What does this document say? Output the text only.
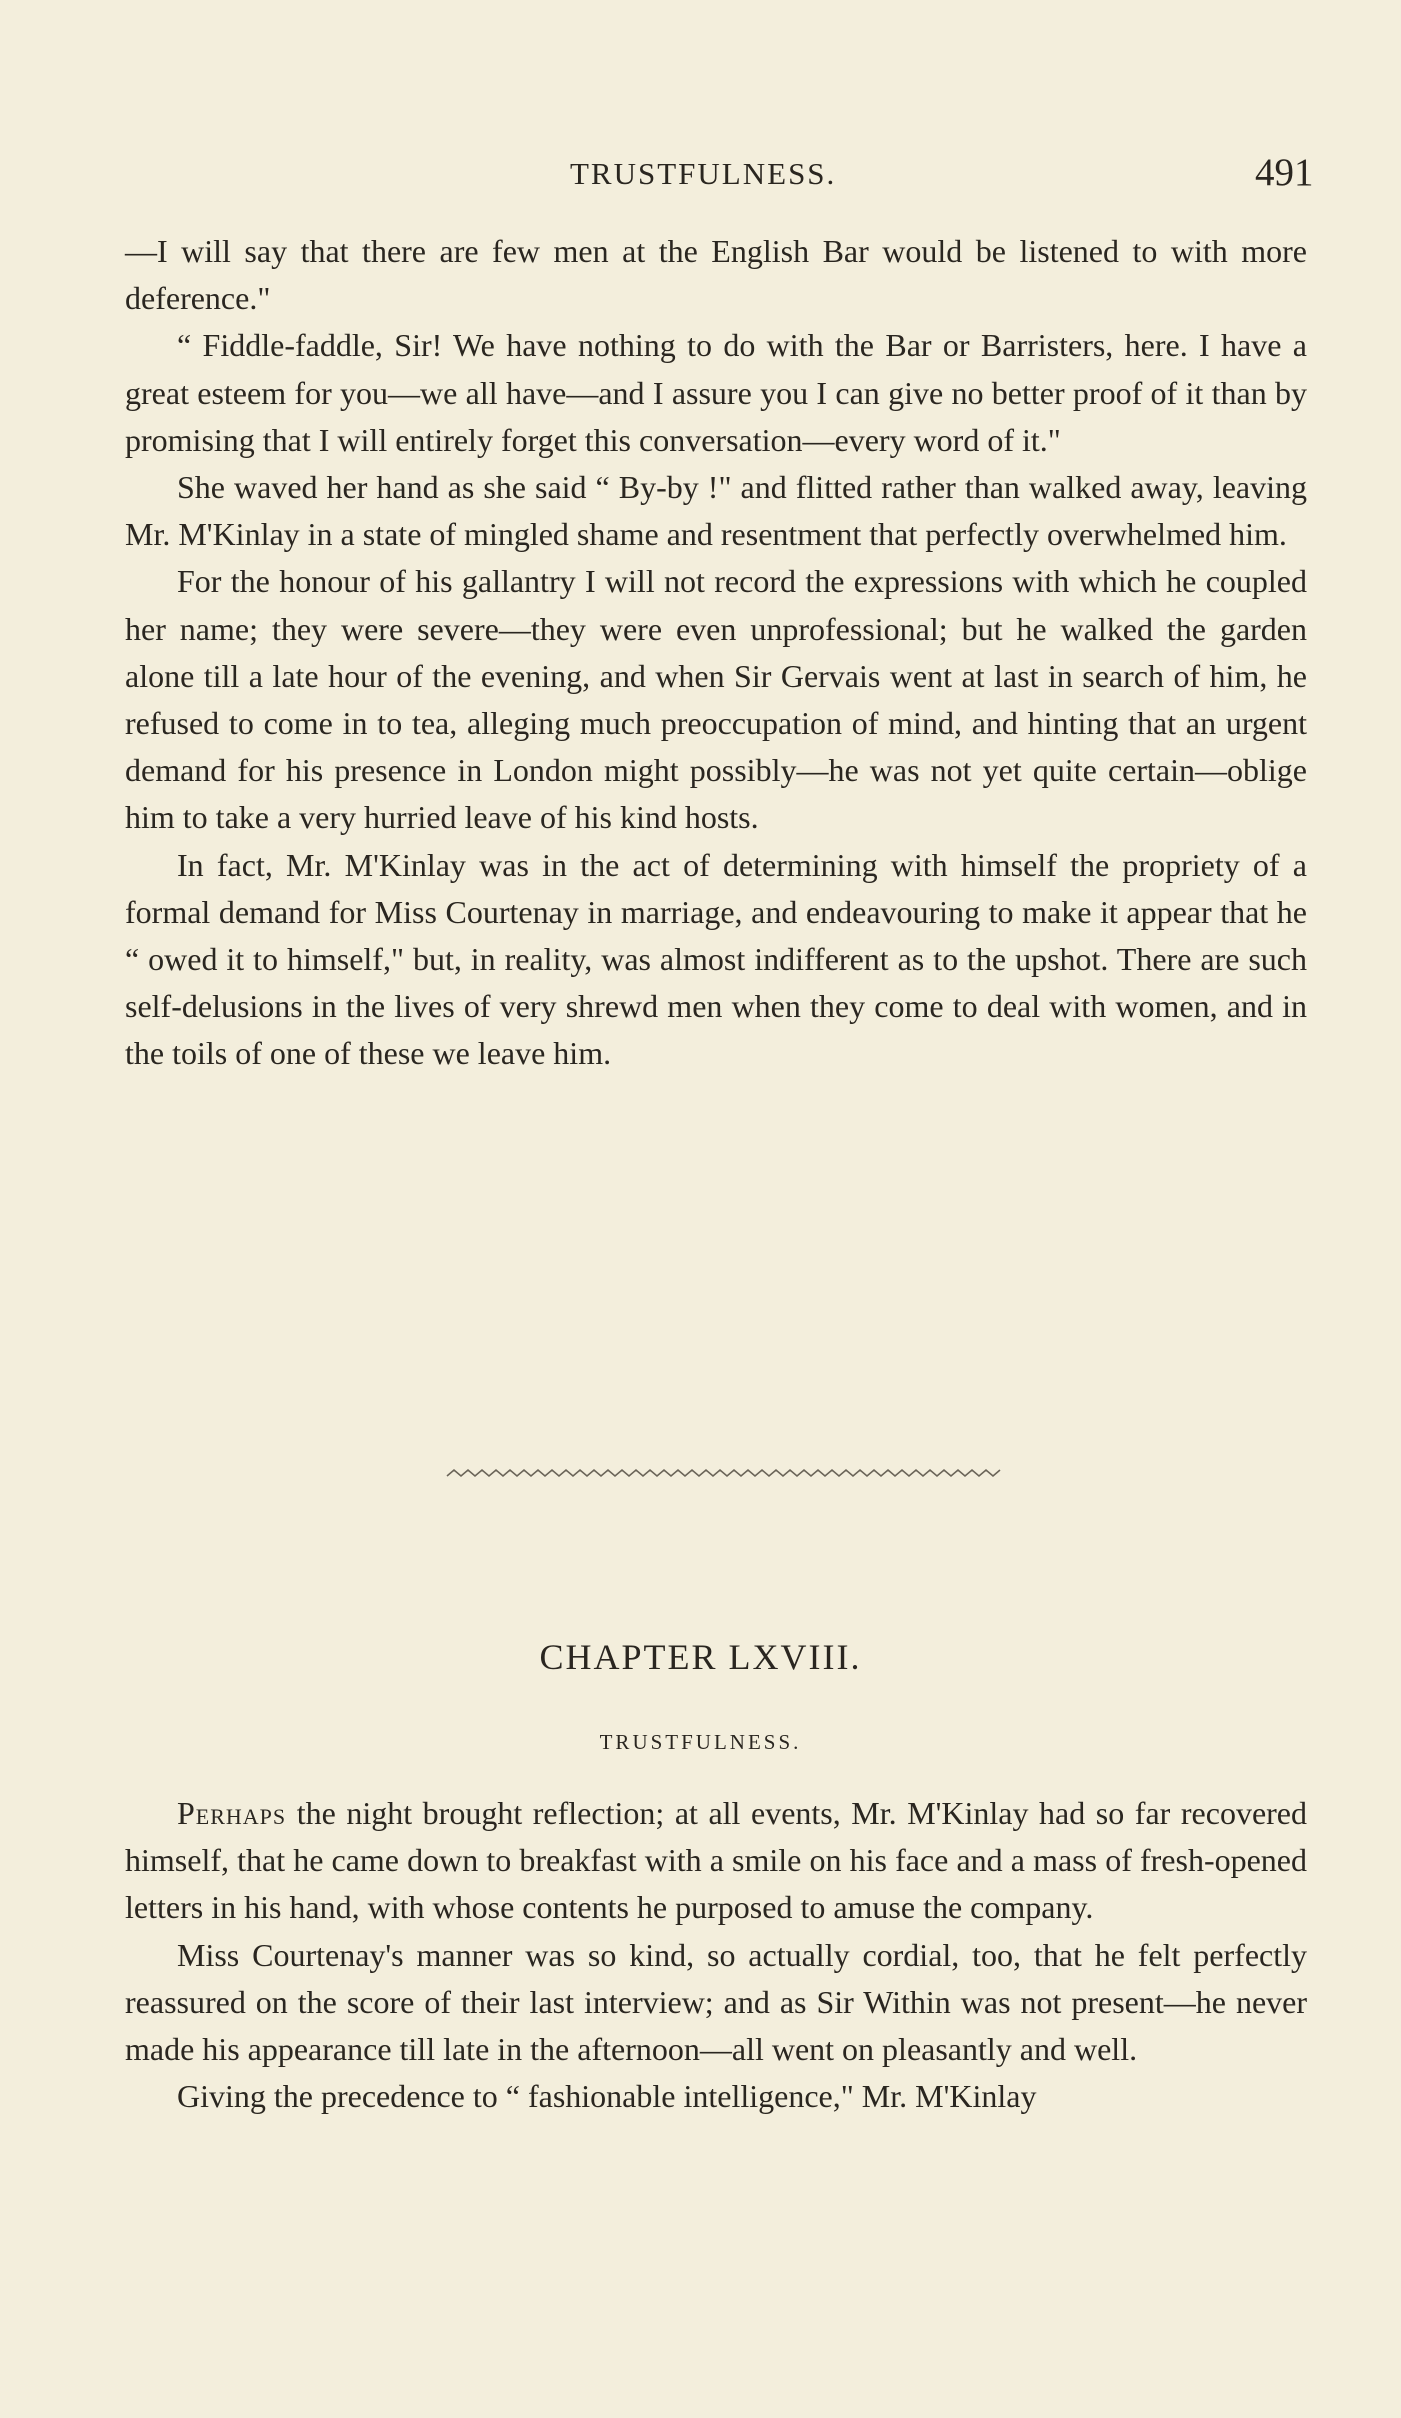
TRUSTFULNESS.	491

—I will say that there are few men at the English Bar would be listened to with more deference."

“ Fiddle-faddle, Sir! We have nothing to do with the Bar or Barristers, here. I have a great esteem for you—we all have—and I assure you I can give no better proof of it than by promising that I will entirely forget this conversation—every word of it."

She waved her hand as she said “ By-by !" and flitted rather than walked away, leaving Mr. M'Kinlay in a state of mingled shame and resentment that perfectly overwhelmed him.

For the honour of his gallantry I will not record the expressions with which he coupled her name; they were severe—they were even unprofessional; but he walked the garden alone till a late hour of the evening, and when Sir Gervais went at last in search of him, he refused to come in to tea, alleging much preoccupation of mind, and hinting that an urgent demand for his presence in London might possibly—he was not yet quite certain—oblige him to take a very hurried leave of his kind hosts.

In fact, Mr. M'Kinlay was in the act of determining with himself the propriety of a formal demand for Miss Courtenay in marriage, and endeavouring to make it appear that he “ owed it to himself," but, in reality, was almost indifferent as to the upshot. There are such self-delusions in the lives of very shrewd men when they come to deal with women, and in the toils of one of these we leave him.

CHAPTER LXVIII.
TRUSTFULNESS.

Perhaps the night brought reflection; at all events, Mr. M'Kinlay had so far recovered himself, that he came down to breakfast with a smile on his face and a mass of fresh-opened letters in his hand, with whose contents he purposed to amuse the company.

Miss Courtenay's manner was so kind, so actually cordial, too, that he felt perfectly reassured on the score of their last interview; and as Sir Within was not present—he never made his appearance till late in the afternoon—all went on pleasantly and well.

Giving the precedence to “ fashionable intelligence," Mr. M'Kinlay
